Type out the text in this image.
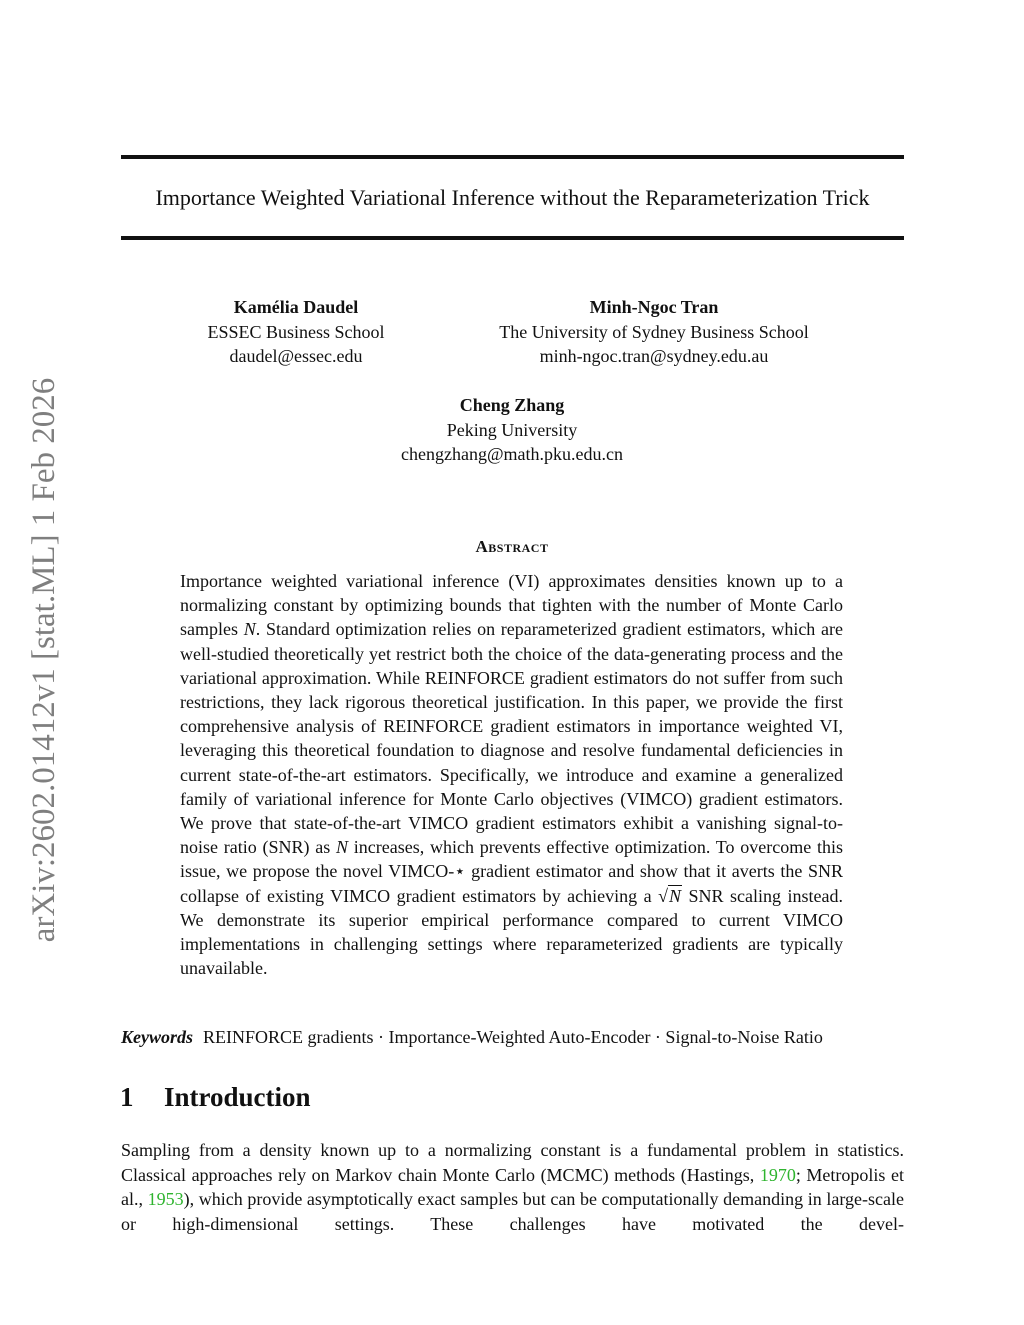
arXiv:2602.01412v1 [stat.ML] 1 Feb 2026
Importance Weighted Variational Inference without the Reparameterization Trick
Kamélia Daudel
ESSEC Business School
daudel@essec.edu
Minh-Ngoc Tran
The University of Sydney Business School
minh-ngoc.tran@sydney.edu.au
Cheng Zhang
Peking University
chengzhang@math.pku.edu.cn
Abstract
Importance weighted variational inference (VI) approximates densities known up to a normalizing constant by optimizing bounds that tighten with the number of Monte Carlo samples N. Standard optimization relies on reparameterized gradient estimators, which are well-studied theoretically yet restrict both the choice of the data-generating process and the variational approximation. While REINFORCE gradient estimators do not suffer from such restrictions, they lack rigorous theoretical justification. In this paper, we provide the first comprehensive analysis of REINFORCE gradient estimators in importance weighted VI, leveraging this theoretical foundation to diagnose and resolve fundamental deficiencies in current state-of-the-art estimators. Specifically, we introduce and examine a generalized family of variational inference for Monte Carlo objectives (VIMCO) gradient estimators. We prove that state-of-the-art VIMCO gradient estimators exhibit a vanishing signal-to-noise ratio (SNR) as N increases, which prevents effective optimization. To overcome this issue, we propose the novel VIMCO-⋆ gradient estimator and show that it averts the SNR collapse of existing VIMCO gradient estimators by achieving a √N SNR scaling instead. We demonstrate its superior empirical performance compared to current VIMCO implementations in challenging settings where reparameterized gradients are typically unavailable.
Keywords REINFORCE gradients · Importance-Weighted Auto-Encoder · Signal-to-Noise Ratio
1 Introduction
Sampling from a density known up to a normalizing constant is a fundamental problem in statistics. Classical approaches rely on Markov chain Monte Carlo (MCMC) methods (Hastings, 1970; Metropolis et al., 1953), which provide asymptotically exact samples but can be computationally demanding in large-scale or high-dimensional settings. These challenges have motivated the devel-
